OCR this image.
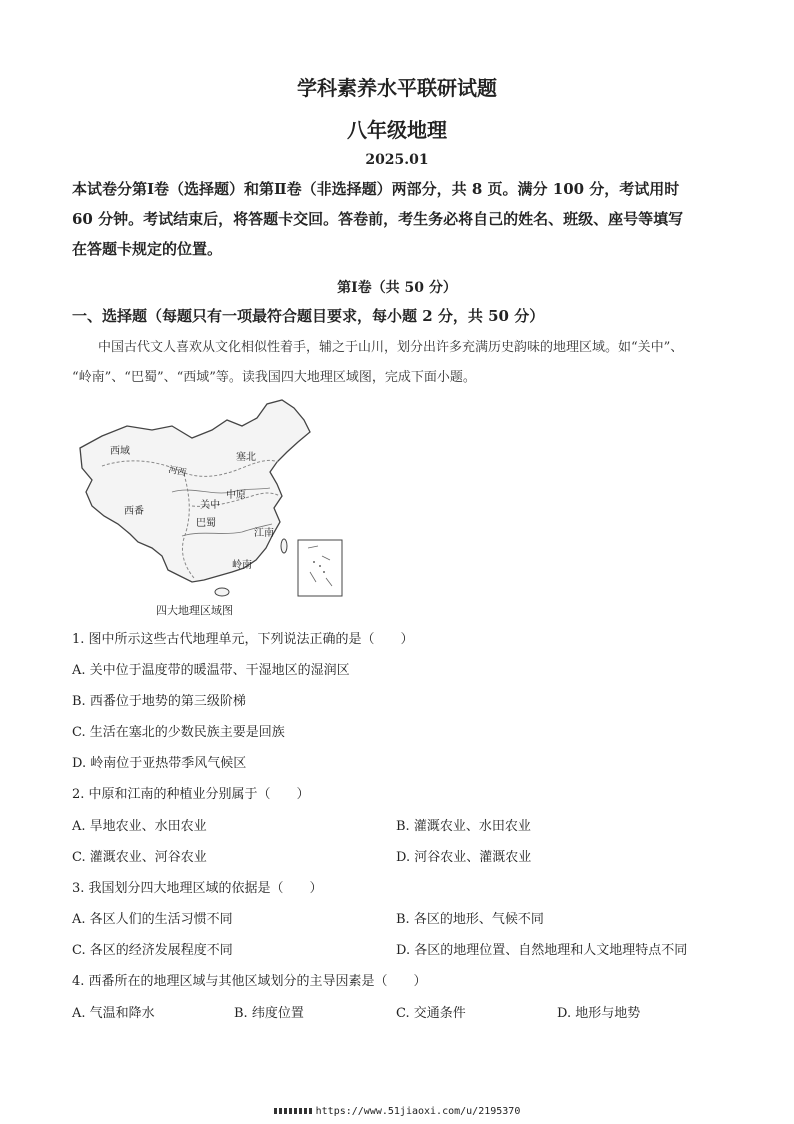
学科素养水平联研试题
八年级地理
2025.01
本试卷分第Ⅰ卷（选择题）和第Ⅱ卷（非选择题）两部分，共 8 页。满分 100 分，考试用时
60 分钟。考试结束后，将答题卡交回。答卷前，考生务必将自己的姓名、班级、座号等填写
在答题卡规定的位置。
第Ⅰ卷（共 50 分）
一、选择题（每题只有一项最符合题目要求，每小题 2 分，共 50 分）
中国古代文人喜欢从文化相似性着手，辅之于山川，划分出许多充满历史韵味的地理区域。如“关中”、
“岭南”、“巴蜀”、“西域”等。读我国四大地理区域图，完成下面小题。
西域
塞北
河西
关中
中原
西番
巴蜀
江南
岭南
四大地理区域图
1. 图中所示这些古代地理单元，下列说法正确的是（　　）
A. 关中位于温度带的暖温带、干湿地区的湿润区
B. 西番位于地势的第三级阶梯
C. 生活在塞北的少数民族主要是回族
D. 岭南位于亚热带季风气候区
2. 中原和江南的种植业分别属于（　　）
A. 旱地农业、水田农业	B. 灌溉农业、水田农业
C. 灌溉农业、河谷农业	D. 河谷农业、灌溉农业
3. 我国划分四大地理区域的依据是（　　）
A. 各区人们的生活习惯不同	B. 各区的地形、气候不同
C. 各区的经济发展程度不同	D. 各区的地理位置、自然地理和人文地理特点不同
4. 西番所在的地理区域与其他区域划分的主导因素是（　　）
A. 气温和降水	B. 纬度位置	C. 交通条件	D. 地形与地势
https://www.51jiaoxi.com/u/2195370
